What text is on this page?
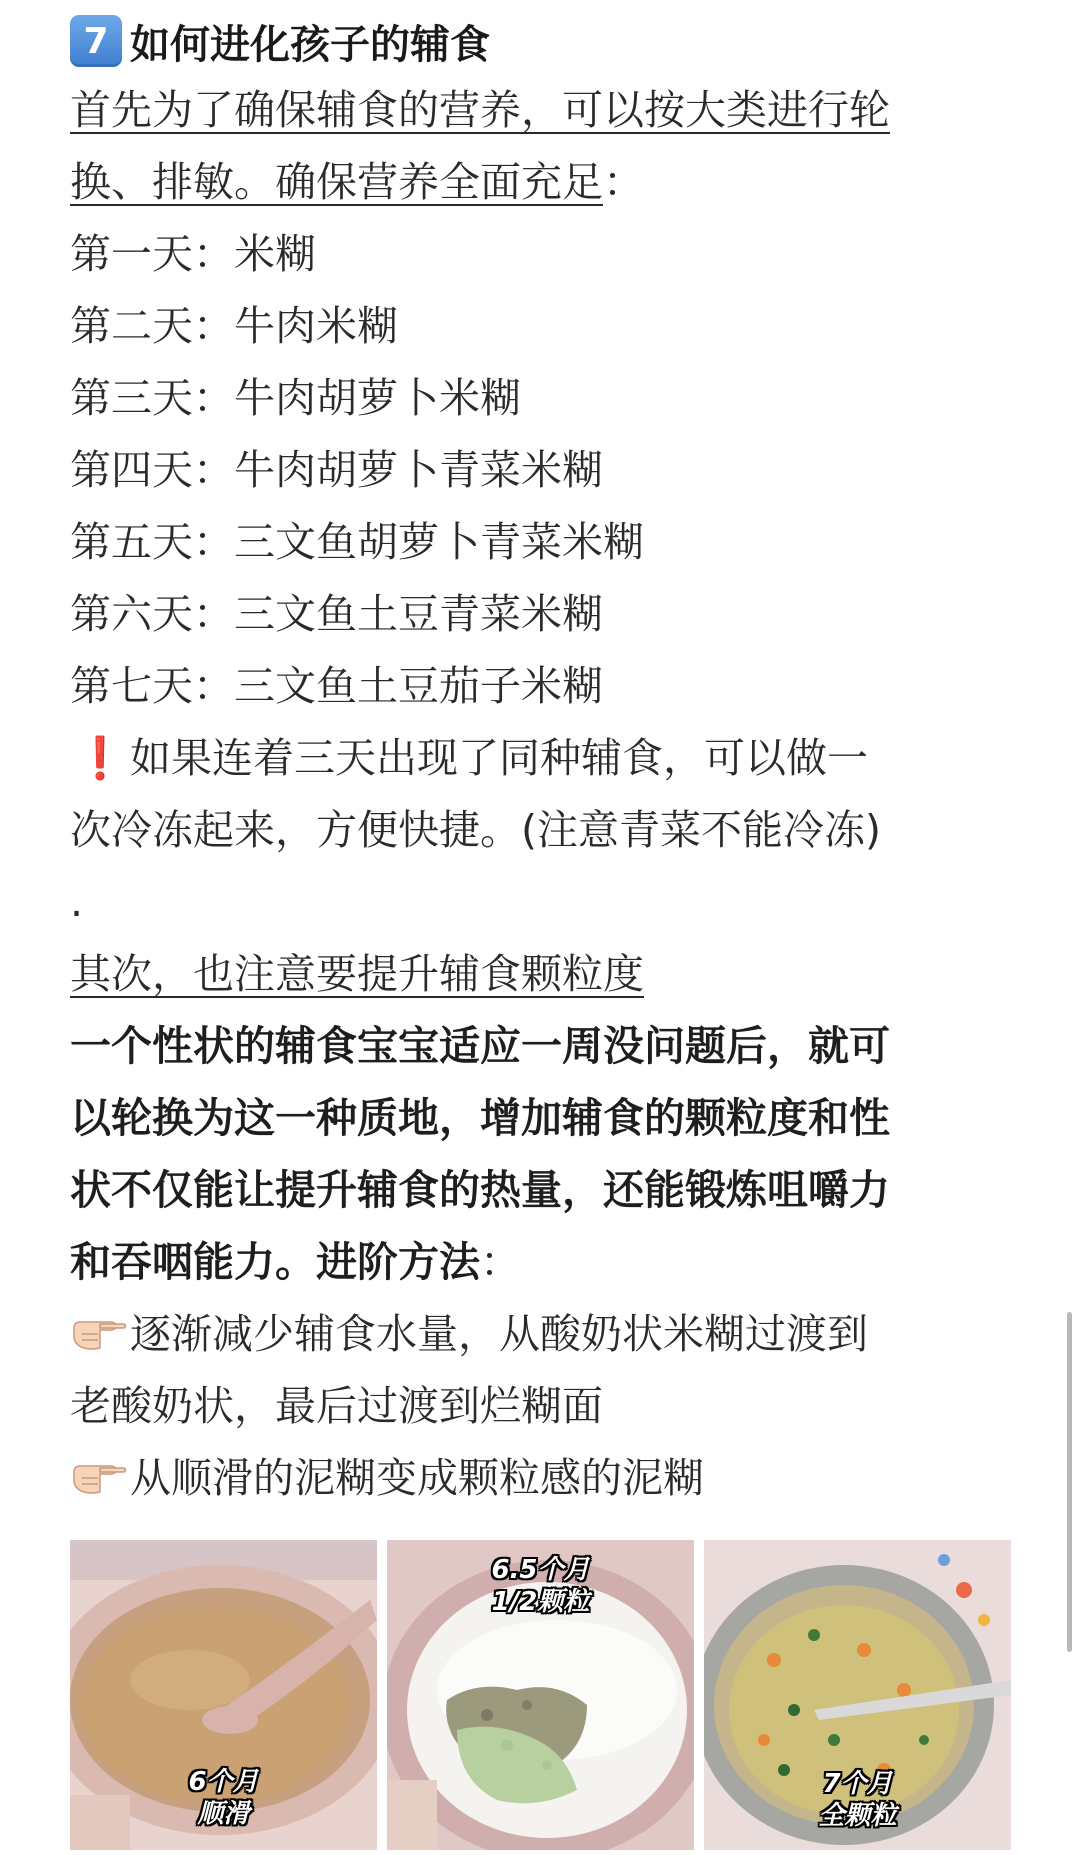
7 如何进化孩子的辅食
首先为了确保辅食的营养，可以按大类进行轮
换、排敏。确保营养全面充足：
第一天：米糊
第二天：牛肉米糊
第三天：牛肉胡萝卜米糊
第四天：牛肉胡萝卜青菜米糊
第五天：三文鱼胡萝卜青菜米糊
第六天：三文鱼土豆青菜米糊
第七天：三文鱼土豆茄子米糊
❗ 如果连着三天出现了同种辅食，可以做一
次冷冻起来，方便快捷。(注意青菜不能冷冻)
.
其次，也注意要提升辅食颗粒度
一个性状的辅食宝宝适应一周没问题后，就可
以轮换为这一种质地，增加辅食的颗粒度和性
状不仅能让提升辅食的热量，还能锻炼咀嚼力
和吞咽能力。进阶方法：
逐渐减少辅食水量，从酸奶状米糊过渡到
老酸奶状，最后过渡到烂糊面
从顺滑的泥糊变成颗粒感的泥糊
6个月
顺滑
6.5个月
1/2颗粒
7个月
全颗粒
